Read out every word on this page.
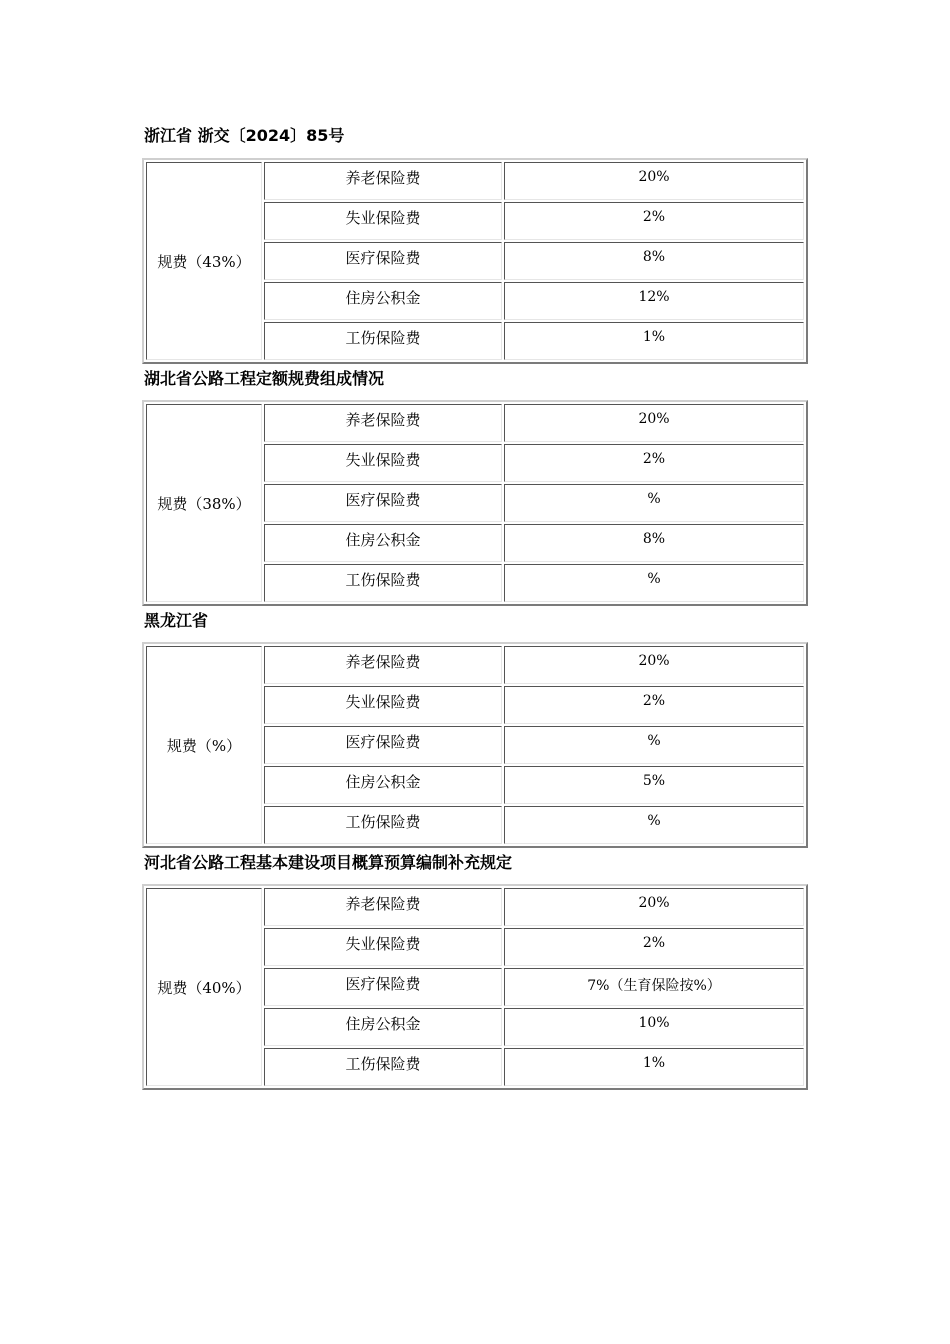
浙江省 浙交〔2024〕85号
规费（43%）	养老保险费	20%
	失业保险费	2%
	医疗保险费	8%
	住房公积金	12%
	工伤保险费	1%
湖北省公路工程定额规费组成情况
规费（38%）	养老保险费	20%
	失业保险费	2%
	医疗保险费	%
	住房公积金	8%
	工伤保险费	%
黑龙江省
规费（%）	养老保险费	20%
	失业保险费	2%
	医疗保险费	%
	住房公积金	5%
	工伤保险费	%
河北省公路工程基本建设项目概算预算编制补充规定
规费（40%）	养老保险费	20%
	失业保险费	2%
	医疗保险费	7%（生育保险按%）
	住房公积金	10%
	工伤保险费	1%
